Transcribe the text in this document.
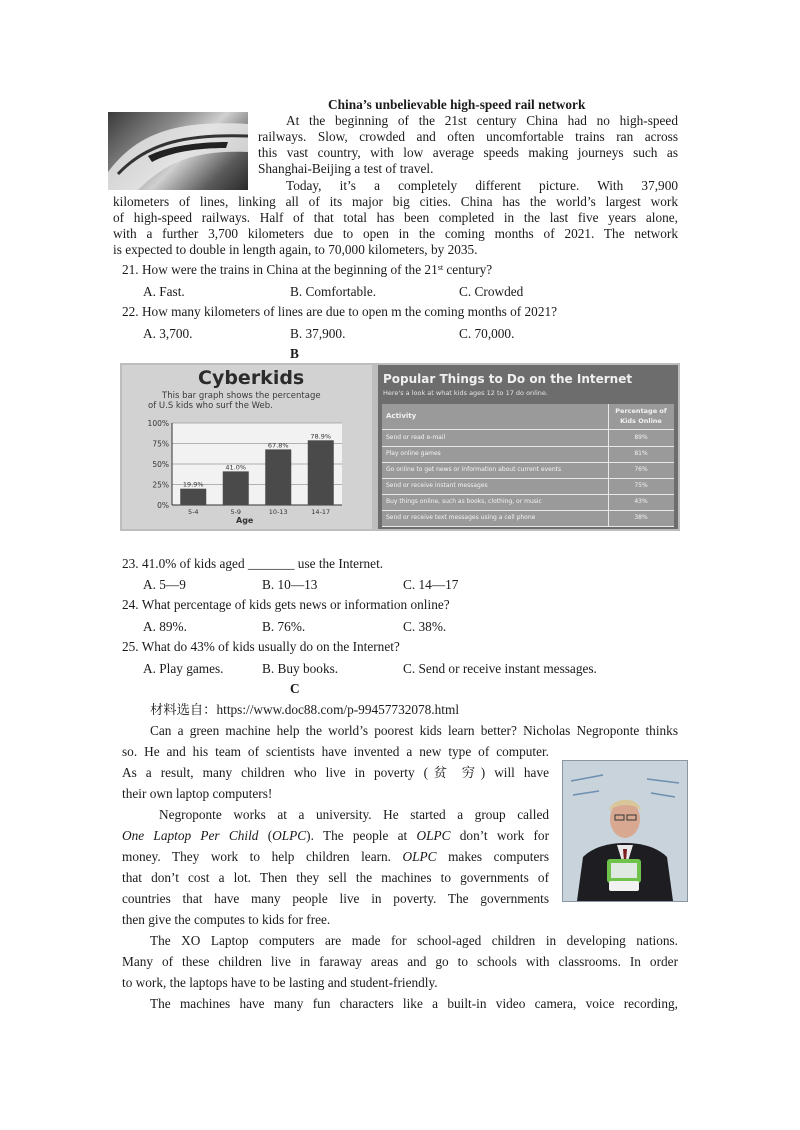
China’s unbelievable high-speed rail network
At the beginning of the 21st century China had no high-speed
railways. Slow, crowded and often uncomfortable trains ran across
this vast country, with low average speeds making journeys such as
Shanghai-Beijing a test of travel.
Today, it’s a completely different picture. With 37,900
kilometers of lines, linking all of its major big cities. China has the world’s largest work
of high-speed railways. Half of that total has been completed in the last five years alone,
with a further 3,700 kilometers due to open in the coming months of 2021. The network
is expected to double in length again, to 70,000 kilometers, by 2035.
21. How were the trains in China at the beginning of the 21st century?
A. Fast.	B. Comfortable.	C. Crowded
22. How many kilometers of lines are due to open m the coming months of 2021?
A. 3,700.	B. 37,900.	C. 70,000.
B
Cyberkids
This bar graph shows the percentage
of U.S kids who surf the Web.
0%
25%
50%
75%
100%
19.9%
5-4
41.0%
5-9
67.8%
10-13
78.9%
14-17
Age
Popular Things to Do on the Internet
Here's a look at what kids ages 12 to 17 do online.
Activity
Percentage of
Kids Online
Send or read e-mail	89%
Play online games	81%
Go online to get news or information about current events	76%
Send or receive instant messages	75%
Buy things online, such as books, clothing, or music	43%
Send or receive text messages using a cell phone	38%
23. 41.0% of kids aged _______ use the Internet.
A. 5—9	B. 10—13	C. 14—17
24. What percentage of kids gets news or information online?
A. 89%.	B. 76%.	C. 38%.
25. What do 43% of kids usually do on the Internet?
A. Play games.	B. Buy books.	C. Send or receive instant messages.
C
材料选自：https://www.doc88.com/p-99457732078.html
Can a green machine help the world’s poorest kids learn better? Nicholas Negroponte thinks
so. He and his team of scientists have invented a new type of computer.
As a result, many children who live in poverty (贫 穷) will have
their own laptop computers!
Negroponte works at a university. He started a group called
One Laptop Per Child (OLPC). The people at OLPC don’t work for
money. They work to help children learn. OLPC makes computers
that don’t cost a lot. Then they sell the machines to governments of
countries that have many people live in poverty. The governments
then give the computes to kids for free.
The XO Laptop computers are made for school-aged children in developing nations.
Many of these children live in faraway areas and go to schools with classrooms. In order
to work, the laptops have to be lasting and student-friendly.
The machines have many fun characters like a built-in video camera, voice recording,
